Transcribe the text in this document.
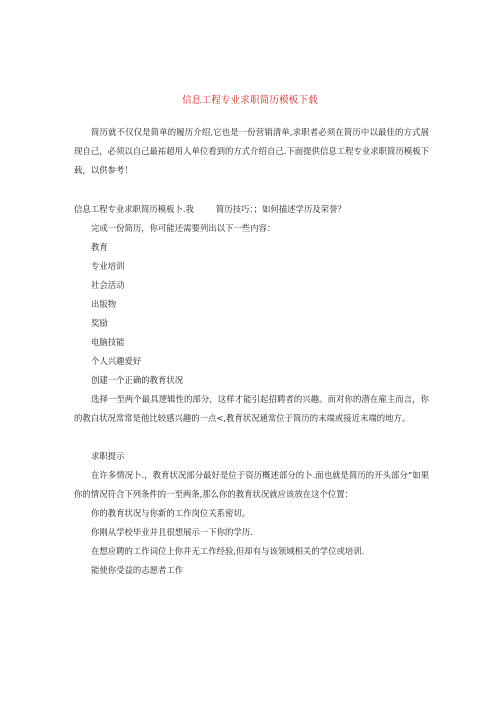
信息工程专业求职简历模板下载

简历就不仅仅是简单的履历介绍,它也是一份营销清单,求职者必须在简历中以最佳的方式展现自己，必须以自己最祐超用人单位看到的方式介绍自己.下面提供信息工程专业求职简历模板下载，以供参考！

信息工程专业求职简历模板卜.我	简历技巧：；如何描述学历及荣誉？

完成一份简历，你可能还需要列出以下一些内容：

教育

专业培训

社会活动

出版物

奖励

电脑技能

个人兴趣爱好

创建一个正确的教育状况

选择一至两个最具逻辑性的部分，这样才能引起招聘者的兴趣。而对你的潜在雇主而言，你的教白状况常常是他比较感兴趣的一点<,教育状况通常位于简历的末端或接近末端的地方。

求职提示

在许多情况卜.，教育状况部分最好是位于资历概述部分的卜.面也就是简历的开头部分”如果你的情况符合下列条件的一至两条,那么你的教育状况就应该放在这个位置：

你的教育状况与你新的工作岗位关系密切。

你刚从学校毕业并且很想展示一下你的学历.

在想应聘的工作词位上你并无工作经验,但却有与该领域相关的学位或培训.

能使你受益的志愿者工作
